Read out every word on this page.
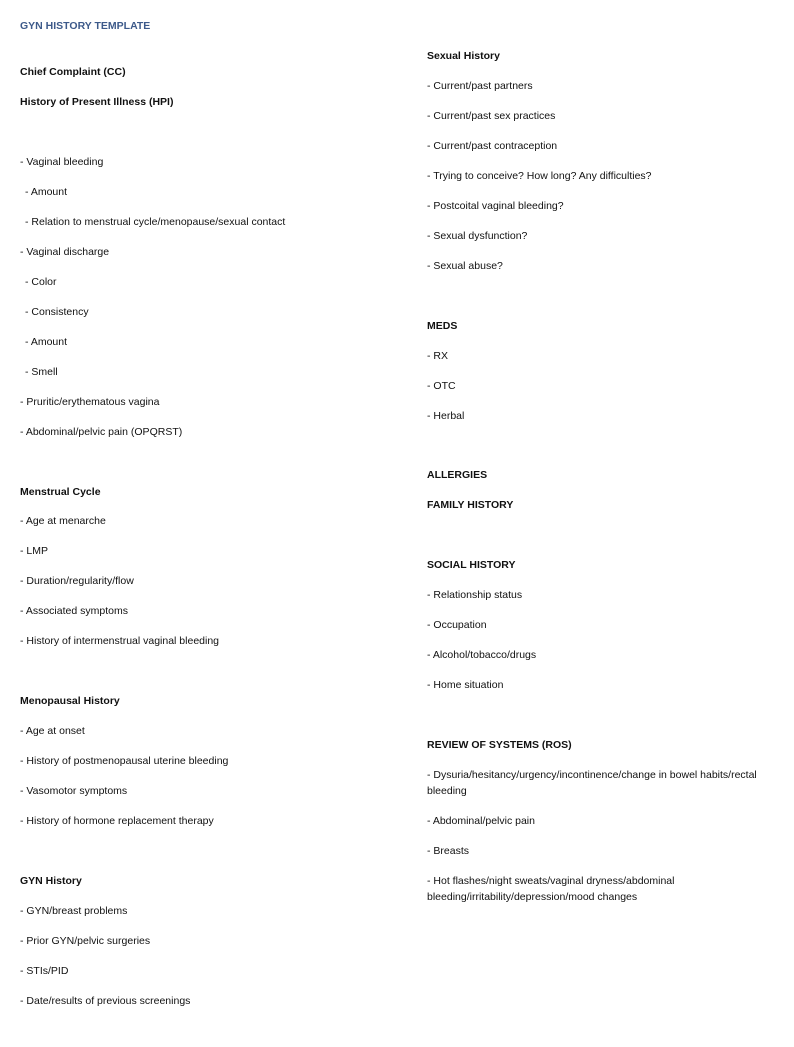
GYN HISTORY TEMPLATE
Chief Complaint (CC)
History of Present Illness (HPI)
- Vaginal bleeding
- Amount
- Relation to menstrual cycle/menopause/sexual contact
- Vaginal discharge
- Color
- Consistency
- Amount
- Smell
- Pruritic/erythematous vagina
- Abdominal/pelvic pain (OPQRST)
Menstrual Cycle
- Age at menarche
- LMP
- Duration/regularity/flow
- Associated symptoms
- History of intermenstrual vaginal bleeding
Menopausal History
- Age at onset
- History of postmenopausal uterine bleeding
- Vasomotor symptoms
- History of hormone replacement therapy
GYN History
- GYN/breast problems
- Prior GYN/pelvic surgeries
- STIs/PID
- Date/results of previous screenings
Sexual History
- Current/past partners
- Current/past sex practices
- Current/past contraception
- Trying to conceive? How long? Any difficulties?
- Postcoital vaginal bleeding?
- Sexual dysfunction?
- Sexual abuse?
MEDS
- RX
- OTC
- Herbal
ALLERGIES
FAMILY HISTORY
SOCIAL HISTORY
- Relationship status
- Occupation
- Alcohol/tobacco/drugs
- Home situation
REVIEW OF SYSTEMS (ROS)
- Dysuria/hesitancy/urgency/incontinence/change in bowel habits/rectal bleeding
- Abdominal/pelvic pain
- Breasts
- Hot flashes/night sweats/vaginal dryness/abdominal bleeding/irritability/depression/mood changes
